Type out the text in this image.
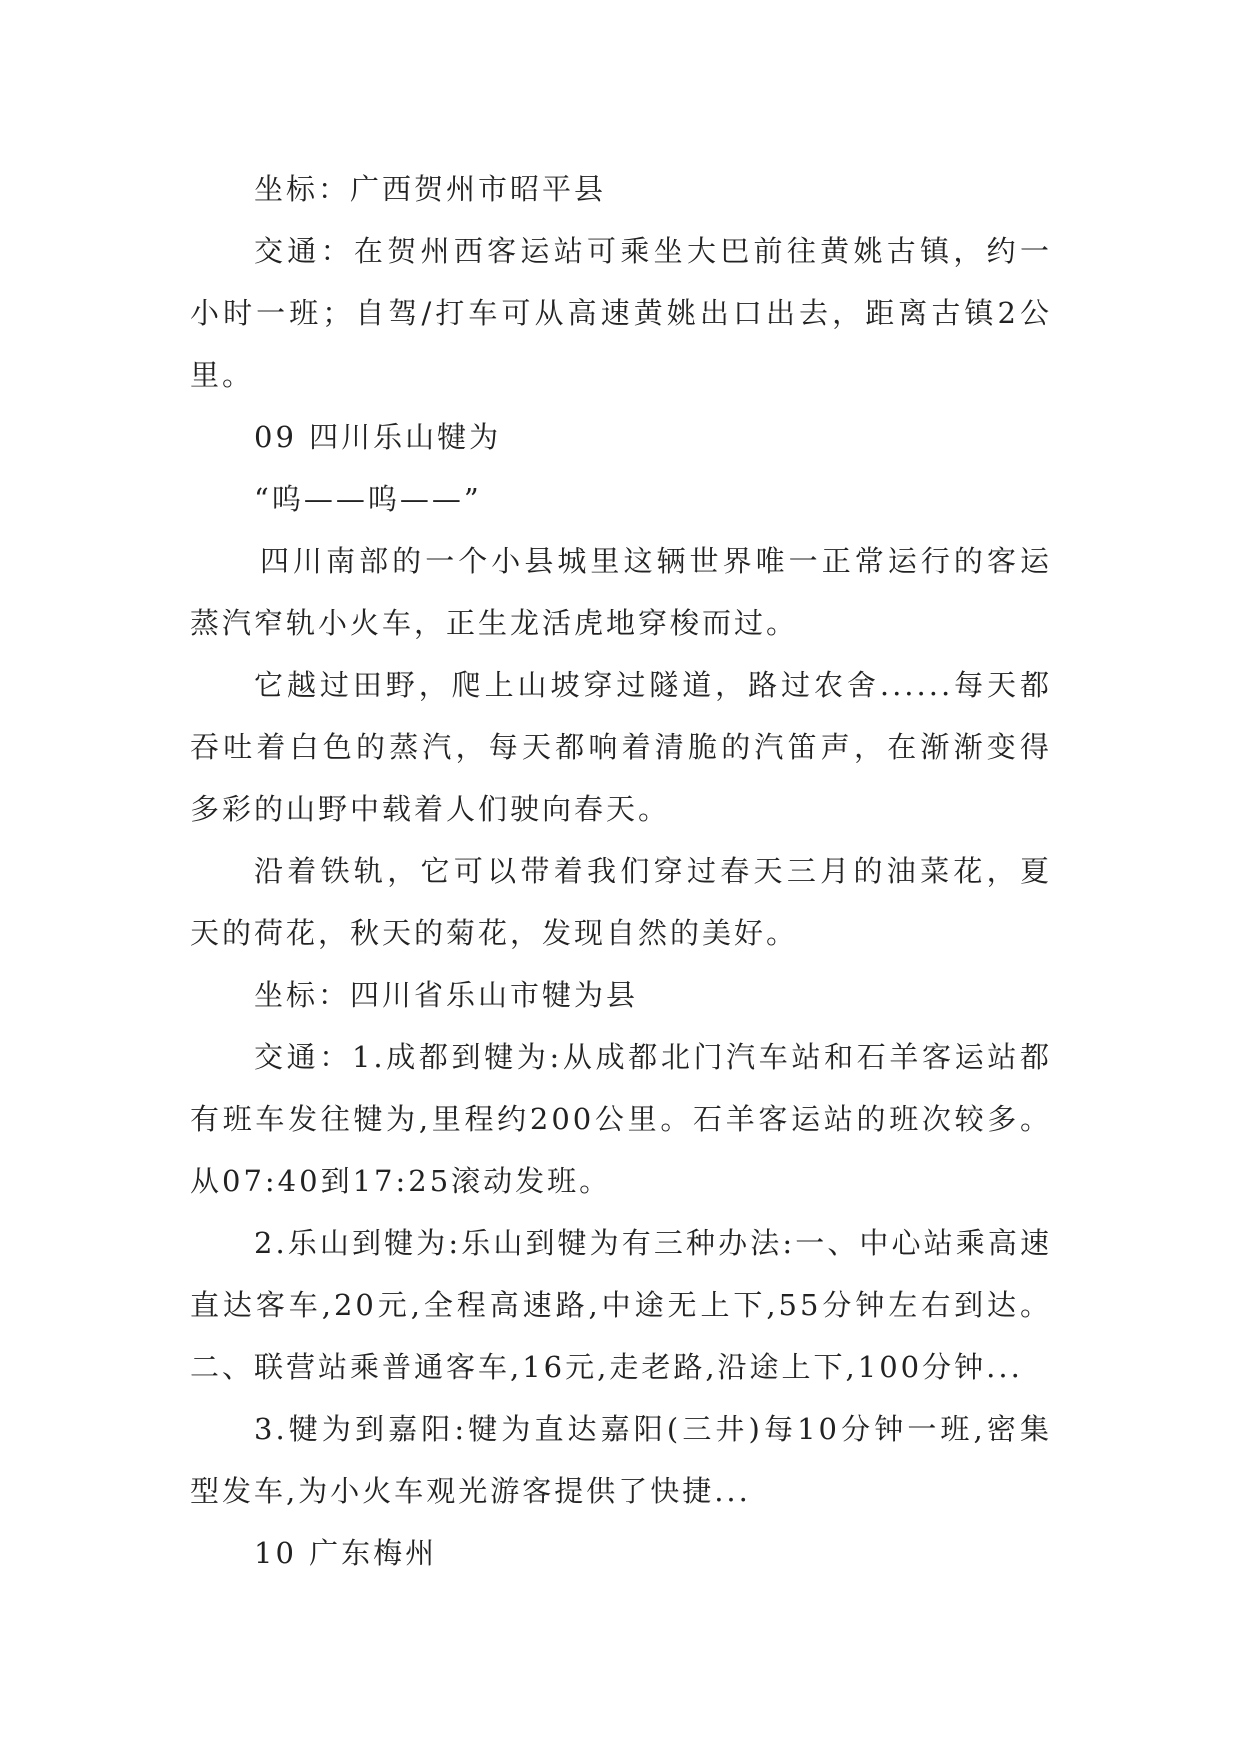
坐标：广西贺州市昭平县

交通：在贺州西客运站可乘坐大巴前往黄姚古镇，约一小时一班；自驾/打车可从高速黄姚出口出去，距离古镇2公里。

09 四川乐山犍为

“呜——呜——”

四川南部的一个小县城里这辆世界唯一正常运行的客运蒸汽窄轨小火车，正生龙活虎地穿梭而过。

它越过田野，爬上山坡穿过隧道，路过农舍......每天都吞吐着白色的蒸汽，每天都响着清脆的汽笛声，在渐渐变得多彩的山野中载着人们驶向春天。

沿着铁轨，它可以带着我们穿过春天三月的油菜花，夏天的荷花，秋天的菊花，发现自然的美好。

坐标：四川省乐山市犍为县

交通：1.成都到犍为:从成都北门汽车站和石羊客运站都有班车发往犍为,里程约200公里。石羊客运站的班次较多。从07:40到17:25滚动发班。

2.乐山到犍为:乐山到犍为有三种办法:一、中心站乘高速直达客车,20元,全程高速路,中途无上下,55分钟左右到达。二、联营站乘普通客车,16元,走老路,沿途上下,100分钟...

3.犍为到嘉阳:犍为直达嘉阳(三井)每10分钟一班,密集型发车,为小火车观光游客提供了快捷...

10 广东梅州
